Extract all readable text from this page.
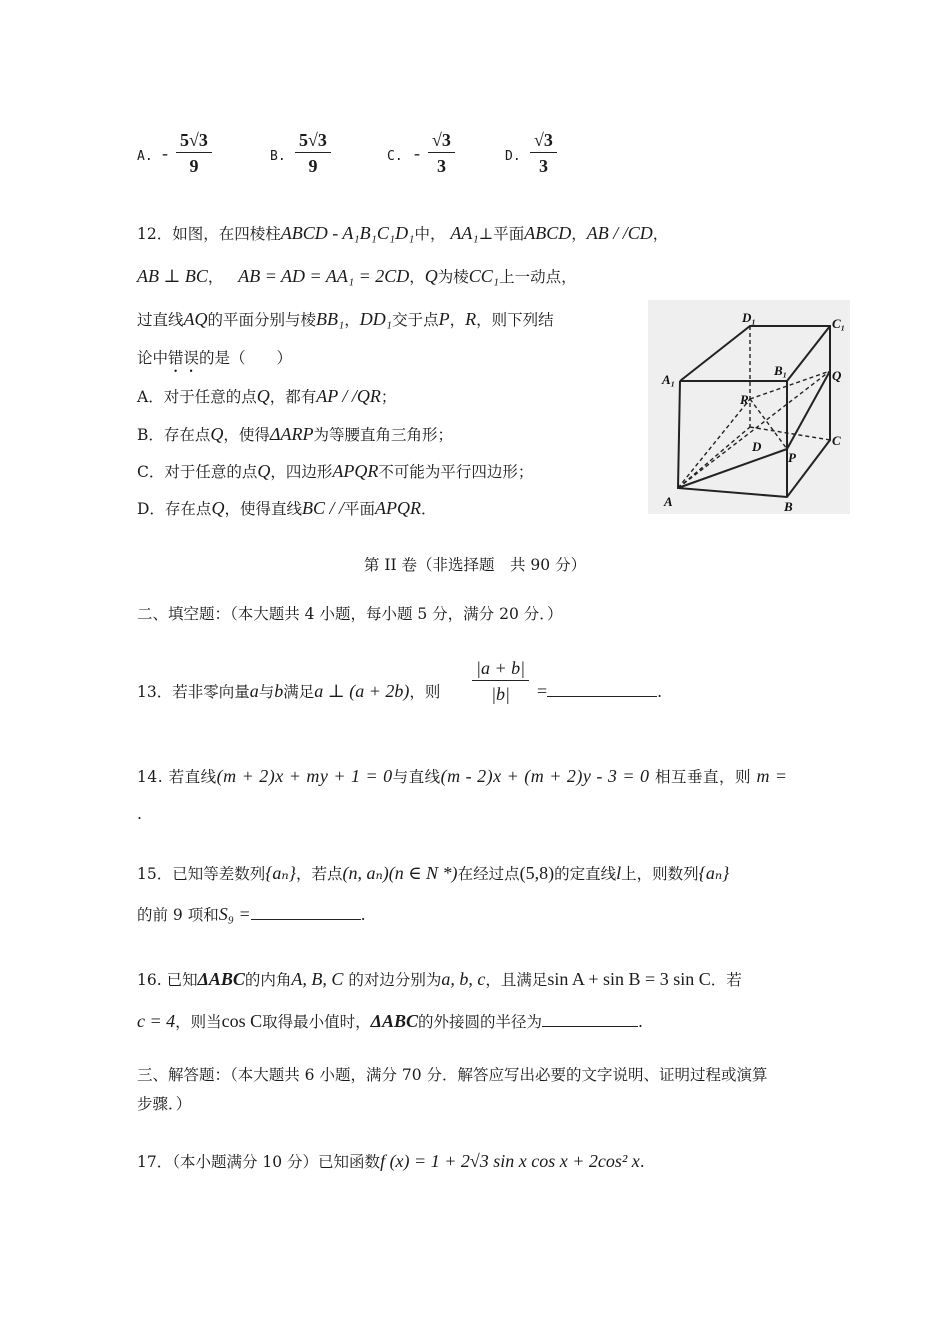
A. - $\frac{5√3}{9}$	B. $\frac{5√3}{9}$	C. - $\frac{√3}{3}$	D. $\frac{√3}{3}$
12．如图，在四棱柱ABCD - A₁B₁C₁D₁中， AA₁⊥平面ABCD，AB / /CD，
AB ⊥ BC， AB = AD = AA₁ = 2CD，Q为棱CC₁上一动点，
过直线AQ的平面分别与棱BB₁，DD₁交于点P，R，则下列结
论中错误的是（　　）
A．对于任意的点Q，都有AP / /QR；
B．存在点Q，使得ΔARP为等腰直角三角形；
C．对于任意的点Q，四边形APQR不可能为平行四边形；
D．存在点Q，使得直线BC / /平面APQR．
D₁	C₁
A₁
B₁	Q
R
D	C
P
A	B
第 II 卷（非选择题　共 90 分）
二、填空题：（本大题共 4 小题，每小题 5 分，满分 20 分．）
13．若非零向量a与b满足a ⊥ (a + 2b)，则 $\frac{|a + b|}{|b|}$ =	.
14. 若直线(m + 2)x + my + 1 = 0与直线(m - 2)x + (m + 2)y - 3 = 0 相互垂直，则 m =
.
15．已知等差数列{aₙ}，若点(n, aₙ)(n ∈ N *)在经过点(5,8)的定直线l上，则数列{aₙ}
的前 9 项和S₉ =	.
16. 已知ΔABC的内角A, B, C 的对边分别为a, b, c，且满足sin A + sin B = 3 sin C．若
c = 4，则当cos C取得最小值时，ΔABC的外接圆的半径为	.
三、解答题：（本大题共 6 小题，满分 70 分．解答应写出必要的文字说明、证明过程或演算
步骤．）
17．（本小题满分 10 分）已知函数f (x) = 1 + 2√3 sin x cos x + 2cos² x.
